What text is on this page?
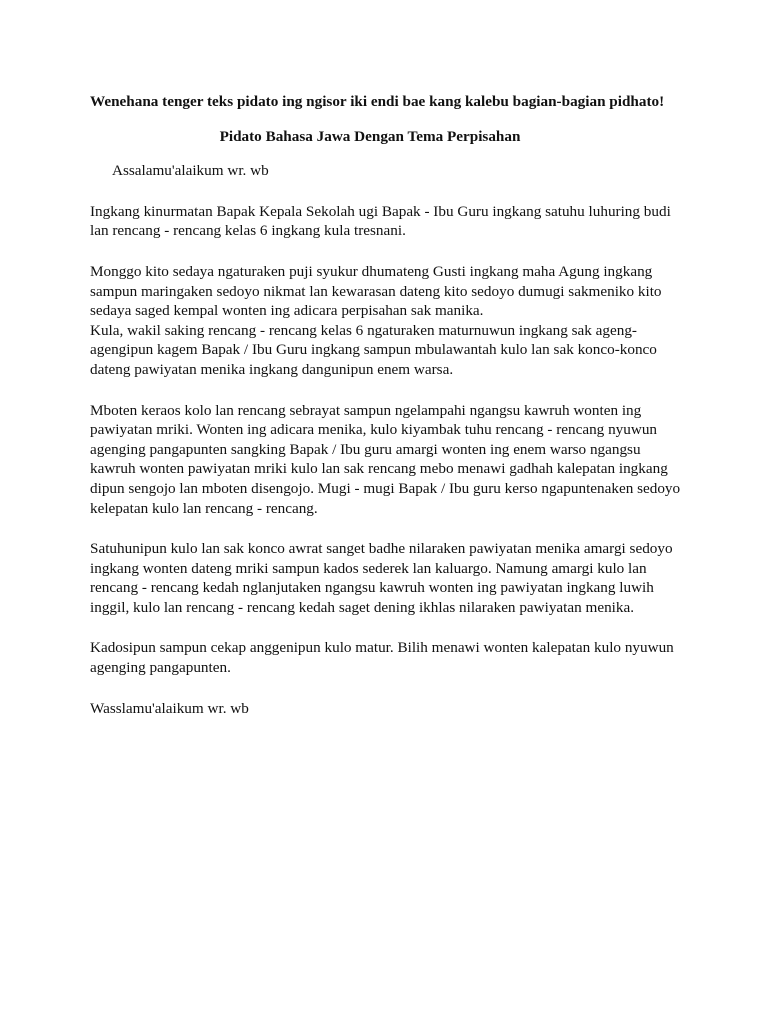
Wenehana tenger teks pidato ing ngisor iki endi bae kang kalebu bagian-bagian pidhato!

Pidato Bahasa Jawa Dengan Tema Perpisahan

Assalamu'alaikum wr. wb

Ingkang kinurmatan Bapak Kepala Sekolah ugi Bapak - Ibu Guru ingkang satuhu luhuring budi
lan rencang - rencang kelas 6 ingkang kula tresnani.

Monggo kito sedaya ngaturaken puji syukur dhumateng Gusti ingkang maha Agung ingkang
sampun maringaken sedoyo nikmat lan kewarasan dateng kito sedoyo dumugi sakmeniko kito
sedaya saged kempal wonten ing adicara perpisahan sak manika.

Kula, wakil saking rencang - rencang kelas 6 ngaturaken maturnuwun ingkang sak ageng-
agengipun kagem Bapak / Ibu Guru ingkang sampun mbulawantah kulo lan sak konco-konco
dateng pawiyatan menika ingkang dangunipun enem warsa.

Mboten keraos kolo lan rencang sebrayat sampun ngelampahi ngangsu kawruh wonten ing
pawiyatan mriki. Wonten ing adicara menika, kulo kiyambak tuhu rencang - rencang nyuwun
agenging pangapunten sangking Bapak / Ibu guru amargi wonten ing enem warso ngangsu
kawruh wonten pawiyatan mriki kulo lan sak rencang mebo menawi gadhah kalepatan ingkang
dipun sengojo lan mboten disengojo. Mugi - mugi Bapak / Ibu guru kerso ngapuntenaken sedoyo
kelepatan kulo lan rencang - rencang.

Satuhunipun kulo lan sak konco awrat sanget badhe nilaraken pawiyatan menika amargi sedoyo
ingkang wonten dateng mriki sampun kados sederek lan kaluargo. Namung amargi kulo lan
rencang - rencang kedah nglanjutaken ngangsu kawruh wonten ing pawiyatan ingkang luwih
inggil, kulo lan rencang - rencang kedah saget dening ikhlas nilaraken pawiyatan menika.

Kadosipun sampun cekap anggenipun kulo matur. Bilih menawi wonten kalepatan kulo nyuwun
agenging pangapunten.

Wasslamu'alaikum wr. wb
